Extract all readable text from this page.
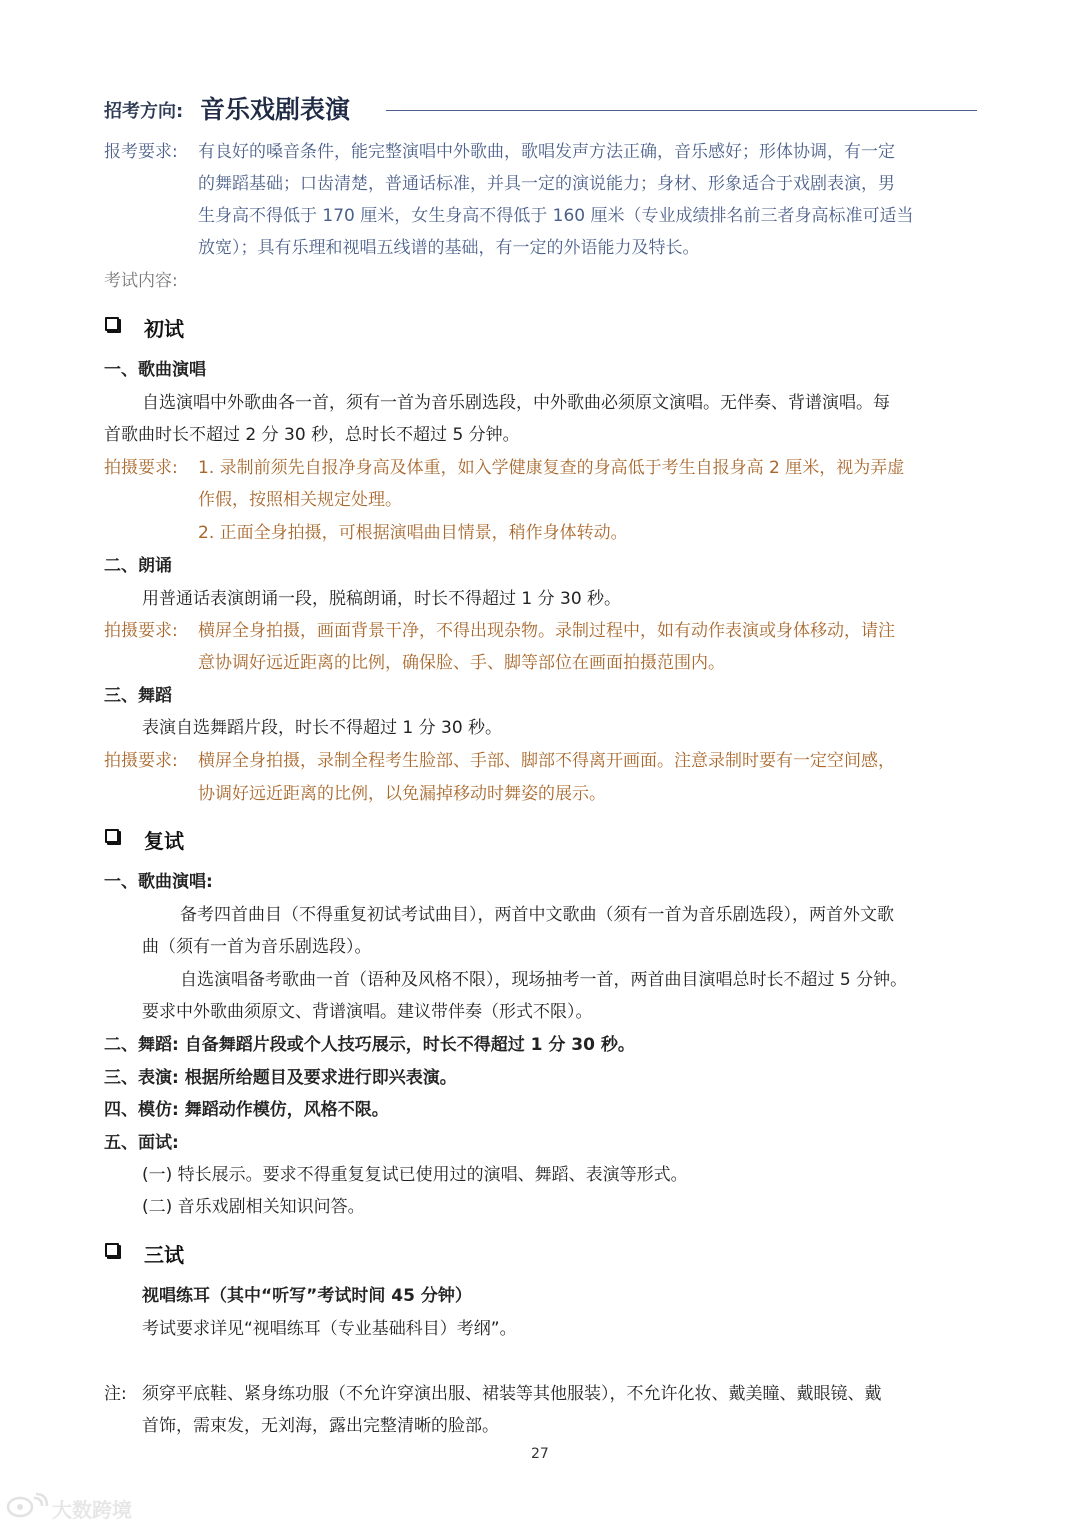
招考方向: 音乐戏剧表演
报考要求: 有良好的嗓音条件，能完整演唱中外歌曲，歌唱发声方法正确，音乐感好；形体协调，有一定
的舞蹈基础；口齿清楚，普通话标准，并具一定的演说能力；身材、形象适合于戏剧表演，男
生身高不得低于 170 厘米，女生身高不得低于 160 厘米（专业成绩排名前三者身高标准可适当
放宽）；具有乐理和视唱五线谱的基础，有一定的外语能力及特长。
考试内容:
初试
一、歌曲演唱
自选演唱中外歌曲各一首，须有一首为音乐剧选段，中外歌曲必须原文演唱。无伴奏、背谱演唱。每
首歌曲时长不超过 2 分 30 秒，总时长不超过 5 分钟。
拍摄要求: 1. 录制前须先自报净身高及体重，如入学健康复查的身高低于考生自报身高 2 厘米，视为弄虚
作假，按照相关规定处理。
2. 正面全身拍摄，可根据演唱曲目情景，稍作身体转动。
二、朗诵
用普通话表演朗诵一段，脱稿朗诵，时长不得超过 1 分 30 秒。
拍摄要求: 横屏全身拍摄，画面背景干净，不得出现杂物。录制过程中，如有动作表演或身体移动，请注
意协调好远近距离的比例，确保脸、手、脚等部位在画面拍摄范围内。
三、舞蹈
表演自选舞蹈片段，时长不得超过 1 分 30 秒。
拍摄要求: 横屏全身拍摄，录制全程考生脸部、手部、脚部不得离开画面。注意录制时要有一定空间感，
协调好远近距离的比例，以免漏掉移动时舞姿的展示。
复试
一、歌曲演唱:
备考四首曲目（不得重复初试考试曲目），两首中文歌曲（须有一首为音乐剧选段），两首外文歌
曲（须有一首为音乐剧选段）。
自选演唱备考歌曲一首（语种及风格不限），现场抽考一首，两首曲目演唱总时长不超过 5 分钟。
要求中外歌曲须原文、背谱演唱。建议带伴奏（形式不限）。
二、舞蹈: 自备舞蹈片段或个人技巧展示，时长不得超过 1 分 30 秒。
三、表演: 根据所给题目及要求进行即兴表演。
四、模仿: 舞蹈动作模仿，风格不限。
五、面试:
(一) 特长展示。要求不得重复复试已使用过的演唱、舞蹈、表演等形式。
(二) 音乐戏剧相关知识问答。
三试
视唱练耳（其中“听写”考试时间 45 分钟）
考试要求详见“视唱练耳（专业基础科目）考纲”。
注: 须穿平底鞋、紧身练功服（不允许穿演出服、裙装等其他服装），不允许化妆、戴美瞳、戴眼镜、戴
首饰，需束发，无刘海，露出完整清晰的脸部。
27
大数跨境
